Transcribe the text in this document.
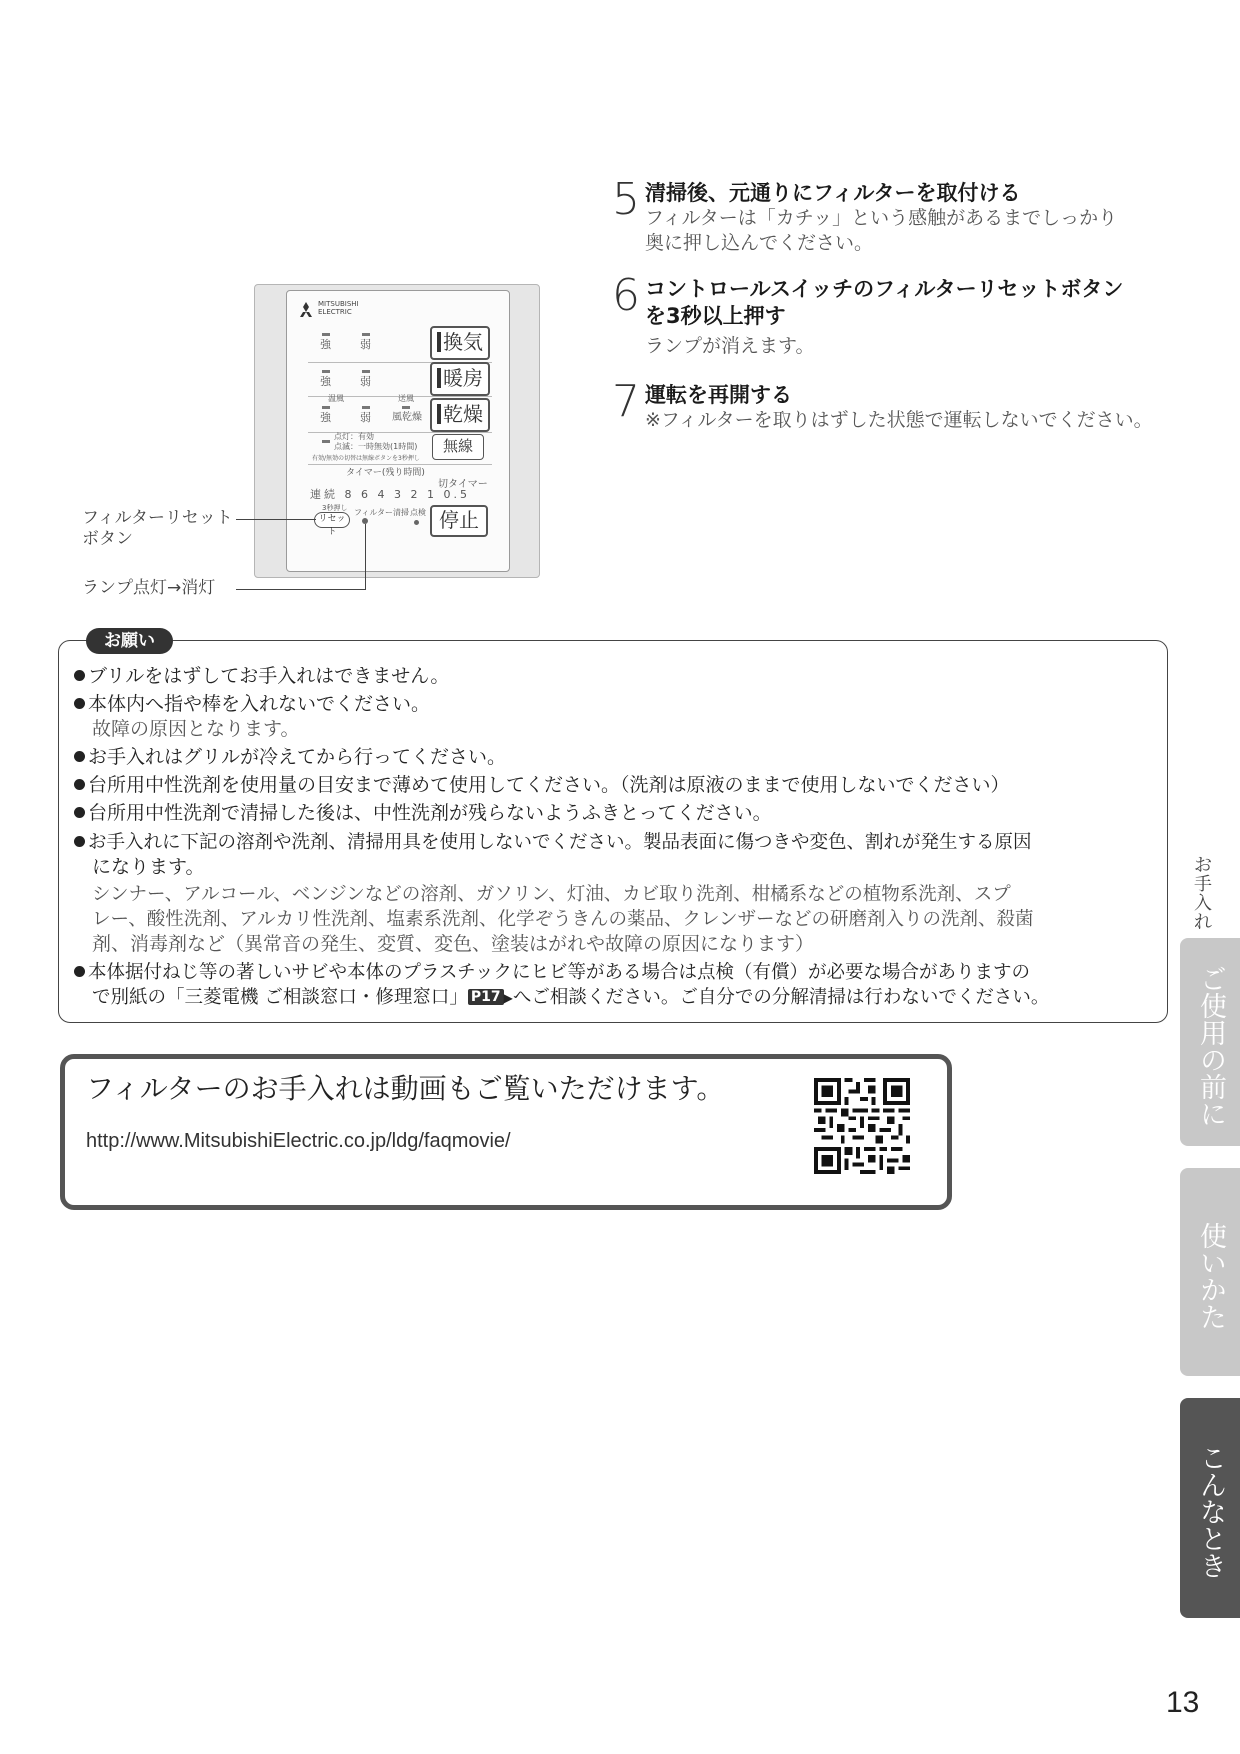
5 清掃後、元通りにフィルターを取付ける
フィルターは「カチッ」という感触があるまでしっかり
奥に押し込んでください。
6 コントロールスイッチのフィルターリセットボタン
を3秒以上押す
ランプが消えます。
7 運転を再開する
※フィルターを取りはずした状態で運転しないでください。
MITSUBISHI
ELECTRIC
強	弱	換気
強	弱	暖房
温風	送風
強	弱 風乾燥	乾燥
点灯：有効
点滅：一時無効(1時間)
有効/無効の切替は無線ボタンを3秒押し
無線
タイマー(残り時間)
連続 8 6 4 3 2 1 0.5
切タイマー
3秒押し
リセット
フィルター清掃 点検 停止
フィルターリセット
ボタン
ランプ点灯→消灯
お願い
ブリルをはずしてお手入れはできません。
本体内へ指や棒を入れないでください。
故障の原因となります。
お手入れはグリルが冷えてから行ってください。
台所用中性洗剤を使用量の目安まで薄めて使用してください。（洗剤は原液のままで使用しないでください）
台所用中性洗剤で清掃した後は、中性洗剤が残らないようふきとってください。
お手入れに下記の溶剤や洗剤、清掃用具を使用しないでください。製品表面に傷つきや変色、割れが発生する原因
になります。
シンナー、アルコール、ベンジンなどの溶剤、ガソリン、灯油、カビ取り洗剤、柑橘系などの植物系洗剤、スプ
レー、酸性洗剤、アルカリ性洗剤、塩素系洗剤、化学ぞうきんの薬品、クレンザーなどの研磨剤入りの洗剤、殺菌
剤、消毒剤など（異常音の発生、変質、変色、塗装はがれや故障の原因になります）
本体据付ねじ等の著しいサビや本体のプラスチックにヒビ等がある場合は点検（有償）が必要な場合がありますの
で別紙の「三菱電機 ご相談窓口・修理窓口」 P17 ▶へご相談ください。ご自分での分解清掃は行わないでください。
フィルターのお手入れは動画もご覧いただけます。
http://www.MitsubishiElectric.co.jp/ldg/faqmovie/
お手入れ
ご使用の前に
使いかた
こんなとき
13
